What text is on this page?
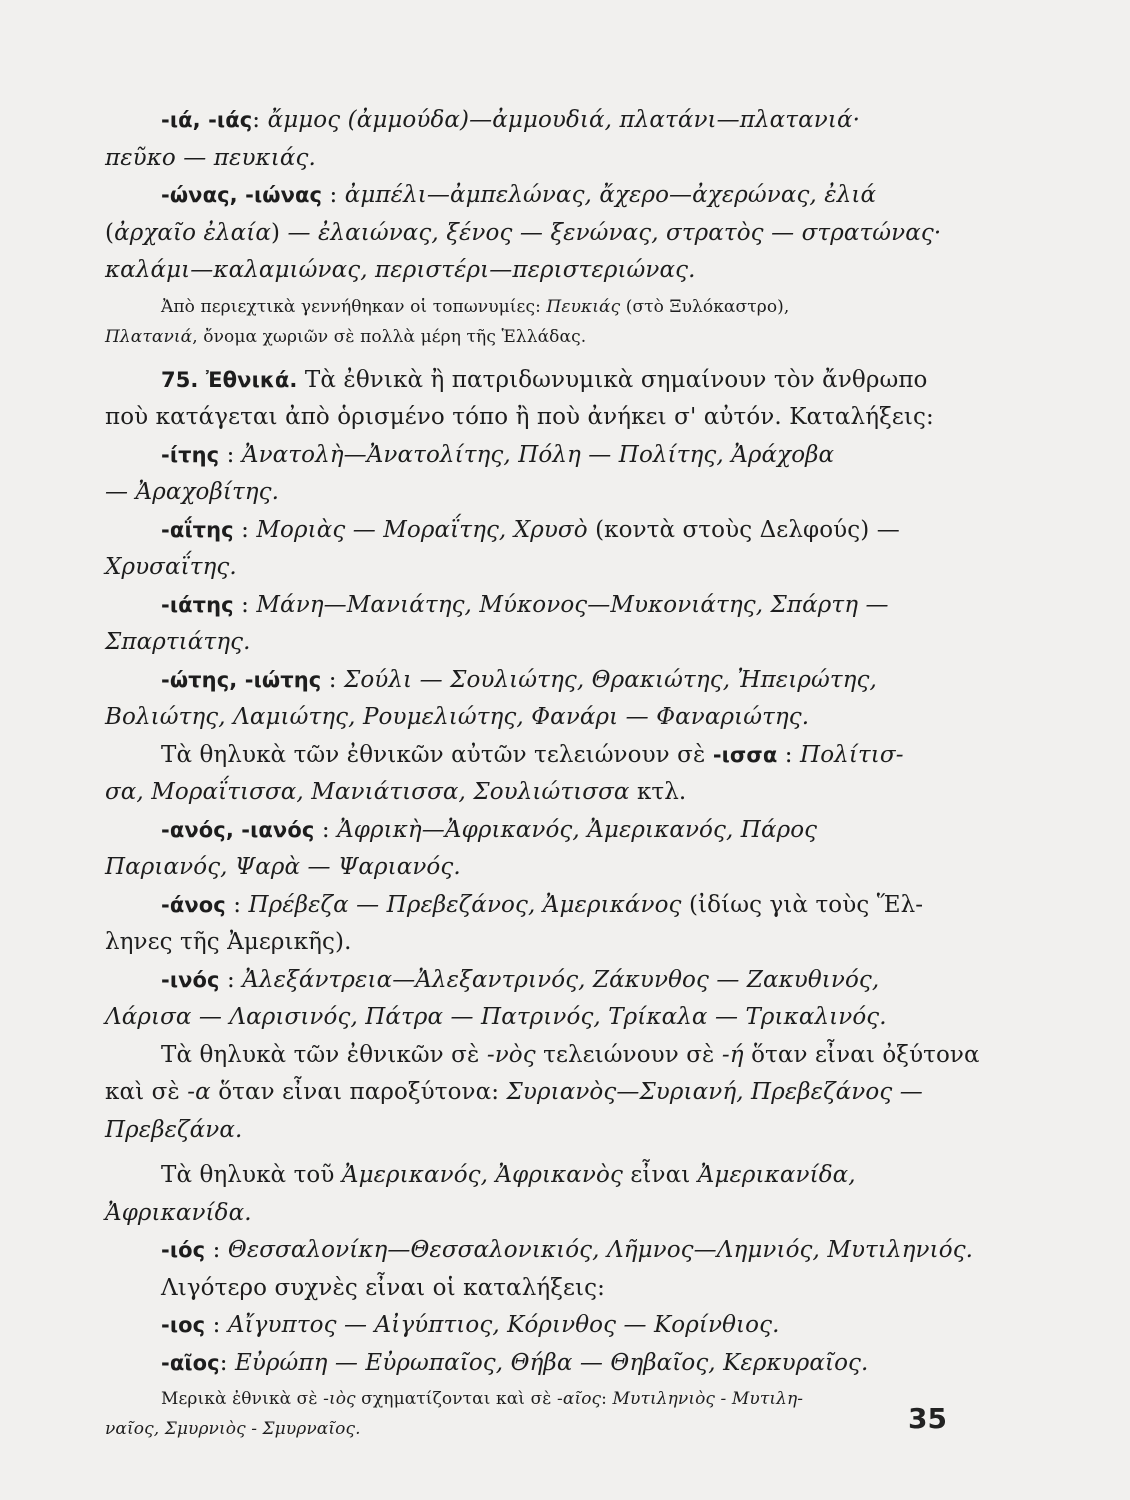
-ιά, -ιάς: ἄμμος (ἀμμούδα)—ἀμμουδιά, πλατάνι—πλατανιά·
πεῦκο — πευκιάς.
-ώνας, -ιώνας : ἀμπέλι—ἀμπελώνας, ἄχερο—ἀχερώνας, ἐλιά
(ἀρχαῖο ἐλαία) — ἐλαιώνας, ξένος — ξενώνας, στρατὸς — στρατώνας·
καλάμι—καλαμιώνας, περιστέρι—περιστεριώνας.
Ἀπὸ περιεχτικὰ γεννήθηκαν οἱ τοπωνυμίες: Πευκιάς (στὸ Ξυλόκαστρο),
Πλατανιά, ὄνομα χωριῶν σὲ πολλὰ μέρη τῆς Ἑλλάδας.
75. Ἐθνικά. Τὰ ἐθνικὰ ἢ πατριδωνυμικὰ σημαίνουν τὸν ἄνθρωπο
ποὺ κατάγεται ἀπὸ ὁρισμένο τόπο ἢ ποὺ ἀνήκει σ' αὐτόν. Καταλήξεις:
-ίτης : Ἀνατολὴ—Ἀνατολίτης, Πόλη — Πολίτης, Ἀράχοβα
— Ἀραχοβίτης.
-αΐτης : Μοριὰς — Μοραΐτης, Χρυσὸ (κοντὰ στοὺς Δελφούς) —
Χρυσαΐτης.
-ιάτης : Μάνη—Μανιάτης, Μύκονος—Μυκονιάτης, Σπάρτη —
Σπαρτιάτης.
-ώτης, -ιώτης : Σούλι — Σουλιώτης, Θρακιώτης, Ἠπειρώτης,
Βολιώτης, Λαμιώτης, Ρουμελιώτης, Φανάρι — Φαναριώτης.
Τὰ θηλυκὰ τῶν ἐθνικῶν αὐτῶν τελειώνουν σὲ -ισσα : Πολίτισ-
σα, Μοραΐτισσα, Μανιάτισσα, Σουλιώτισσα κτλ.
-ανός, -ιανός : Ἀφρικὴ—Ἀφρικανός, Ἀμερικανός, Πάρος
Παριανός, Ψαρὰ — Ψαριανός.
-άνος : Πρέβεζα — Πρεβεζάνος, Ἀμερικάνος (ἰδίως γιὰ τοὺς Ἕλ-
ληνες τῆς Ἀμερικῆς).
-ινός : Ἀλεξάντρεια—Ἀλεξαντρινός, Ζάκυνθος — Ζακυθινός,
Λάρισα — Λαρισινός, Πάτρα — Πατρινός, Τρίκαλα — Τρικαλινός.
Τὰ θηλυκὰ τῶν ἐθνικῶν σὲ -νὸς τελειώνουν σὲ -ή ὅταν εἶναι ὀξύτονα
καὶ σὲ -α ὅταν εἶναι παροξύτονα: Συριανὸς—Συριανή, Πρεβεζάνος —
Πρεβεζάνα.
Τὰ θηλυκὰ τοῦ Ἀμερικανός, Ἀφρικανὸς εἶναι Ἀμερικανίδα,
Ἀφρικανίδα.
-ιός : Θεσσαλονίκη—Θεσσαλονικιός, Λῆμνος—Λημνιός, Μυτιληνιός.
Λιγότερο συχνὲς εἶναι οἱ καταλήξεις:
-ιος : Αἴγυπτος — Αἰγύπτιος, Κόρινθος — Κορίνθιος.
-αῖος: Εὐρώπη — Εὐρωπαῖος, Θήβα — Θηβαῖος, Κερκυραῖος.
Μερικὰ ἐθνικὰ σὲ -ιὸς σχηματίζονται καὶ σὲ -αῖος: Μυτιληνιὸς - Μυτιλη-
ναῖος, Σμυρνιὸς - Σμυρναῖος.	35
